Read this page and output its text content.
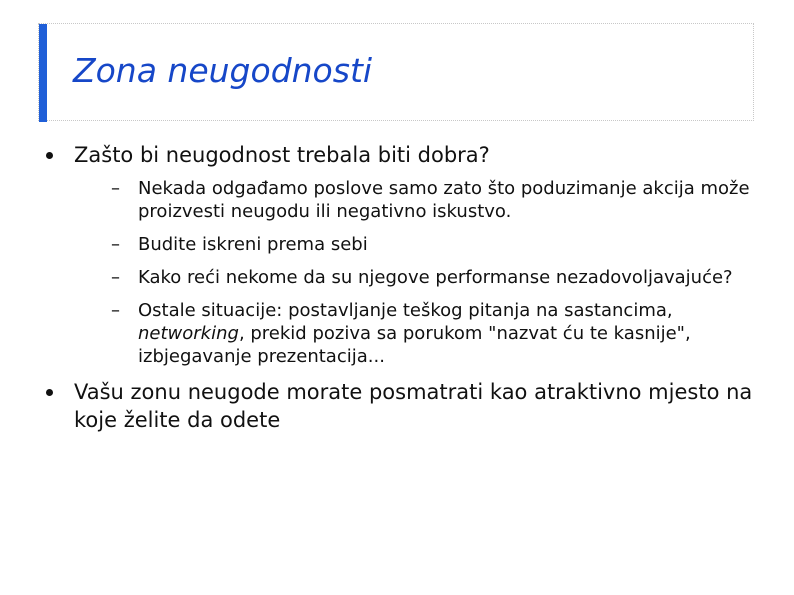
Zona neugodnosti
Zašto bi neugodnost trebala biti dobra?
– Nekada odgađamo poslove samo zato što poduzimanje akcija može proizvesti neugodu ili negativno iskustvo.
– Budite iskreni prema sebi
– Kako reći nekome da su njegove performanse nezadovoljavajuće?
– Ostale situacije: postavljanje teškog pitanja na sastancima, networking, prekid poziva sa porukom "nazvat ću te kasnije", izbjegavanje prezentacija...
Vašu zonu neugode morate posmatrati kao atraktivno mjesto na koje želite da odete
